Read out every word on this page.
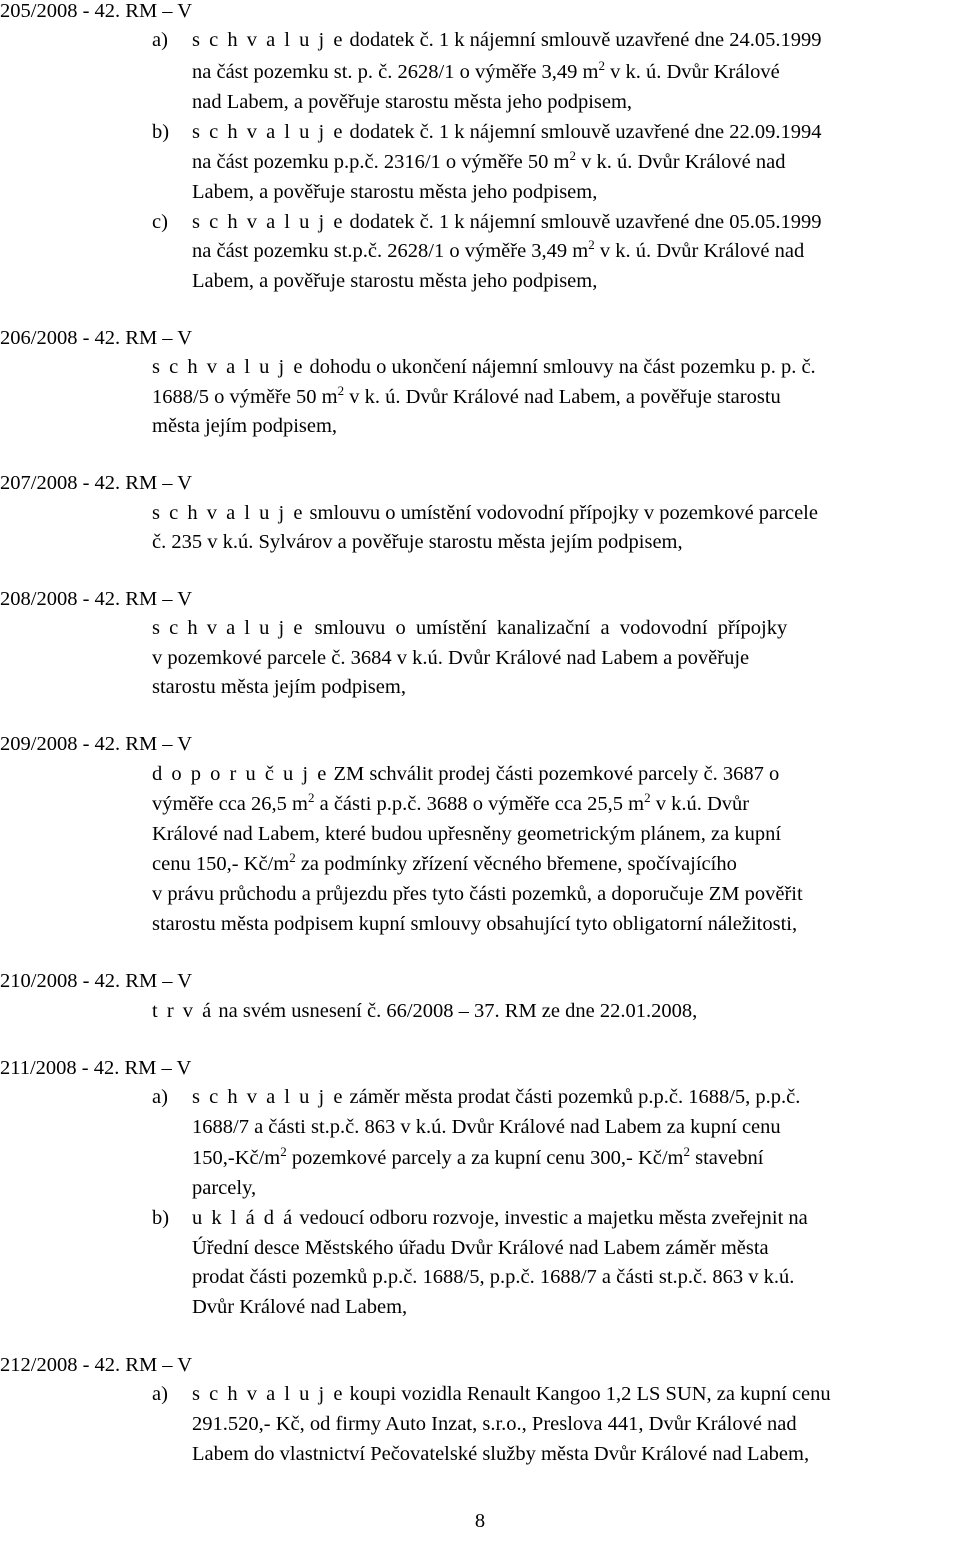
205/2008 - 42. RM – V
a) s c h v a l u j e dodatek č. 1 k nájemní smlouvě uzavřené dne 24.05.1999
na část pozemku st. p. č. 2628/1 o výměře 3,49 $m^2$ v k. ú. Dvůr Králové
nad Labem, a pověřuje starostu města jeho podpisem,
b) s c h v a l u j e dodatek č. 1 k nájemní smlouvě uzavřené dne 22.09.1994
na část pozemku p.p.č. 2316/1 o výměře 50 $m^2$ v k. ú. Dvůr Králové nad
Labem, a pověřuje starostu města jeho podpisem,
c) s c h v a l u j e dodatek č. 1 k nájemní smlouvě uzavřené dne 05.05.1999
na část pozemku st.p.č. 2628/1 o výměře 3,49 $m^2$ v k. ú. Dvůr Králové nad
Labem, a pověřuje starostu města jeho podpisem,
206/2008 - 42. RM – V
s c h v a l u j e dohodu o ukončení nájemní smlouvy na část pozemku p. p. č.
1688/5 o výměře 50 $m^2$ v k. ú. Dvůr Králové nad Labem, a pověřuje starostu
města jejím podpisem,
207/2008 - 42. RM – V
s c h v a l u j e smlouvu o umístění vodovodní přípojky v pozemkové parcele
č. 235 v k.ú. Sylvárov a pověřuje starostu města jejím podpisem,
208/2008 - 42. RM – V
s c h v a l u j e  smlouvu  o  umístění  kanalizační  a  vodovodní  přípojky
v pozemkové parcele č. 3684 v k.ú. Dvůr Králové nad Labem a pověřuje
starostu města jejím podpisem,
209/2008 - 42. RM – V
d o p o r u č u j e ZM schválit prodej části pozemkové parcely č. 3687 o
výměře cca 26,5 $m^2$ a části p.p.č. 3688 o výměře cca 25,5 $m^2$ v k.ú. Dvůr
Králové nad Labem, které budou upřesněny geometrickým plánem, za kupní
cenu 150,- $Kč/m^2$ za podmínky zřízení věcného břemene, spočívajícího
v právu průchodu a průjezdu přes tyto části pozemků, a doporučuje ZM pověřit
starostu města podpisem kupní smlouvy obsahující tyto obligatorní náležitosti,
210/2008 - 42. RM – V
t r v á na svém usnesení č. 66/2008 – 37. RM ze dne 22.01.2008,
211/2008 - 42. RM – V
a) s c h v a l u j e záměr města prodat části pozemků p.p.č. 1688/5, p.p.č.
1688/7 a části st.p.č. 863 v k.ú. Dvůr Králové nad Labem za kupní cenu
$150,-Kč/m^2$ pozemkové parcely a za kupní cenu 300,- $Kč/m^2$ stavební
parcely,
b) u k l á d á vedoucí odboru rozvoje, investic a majetku města zveřejnit na
Úřední desce Městského úřadu Dvůr Králové nad Labem záměr města
prodat části pozemků p.p.č. 1688/5, p.p.č. 1688/7 a části st.p.č. 863 v k.ú.
Dvůr Králové nad Labem,
212/2008 - 42. RM – V
a) s c h v a l u j e koupi vozidla Renault Kangoo 1,2 LS SUN, za kupní cenu
291.520,- Kč, od firmy Auto Inzat, s.r.o., Preslova 441, Dvůr Králové nad
Labem do vlastnictví Pečovatelské služby města Dvůr Králové nad Labem,
8
